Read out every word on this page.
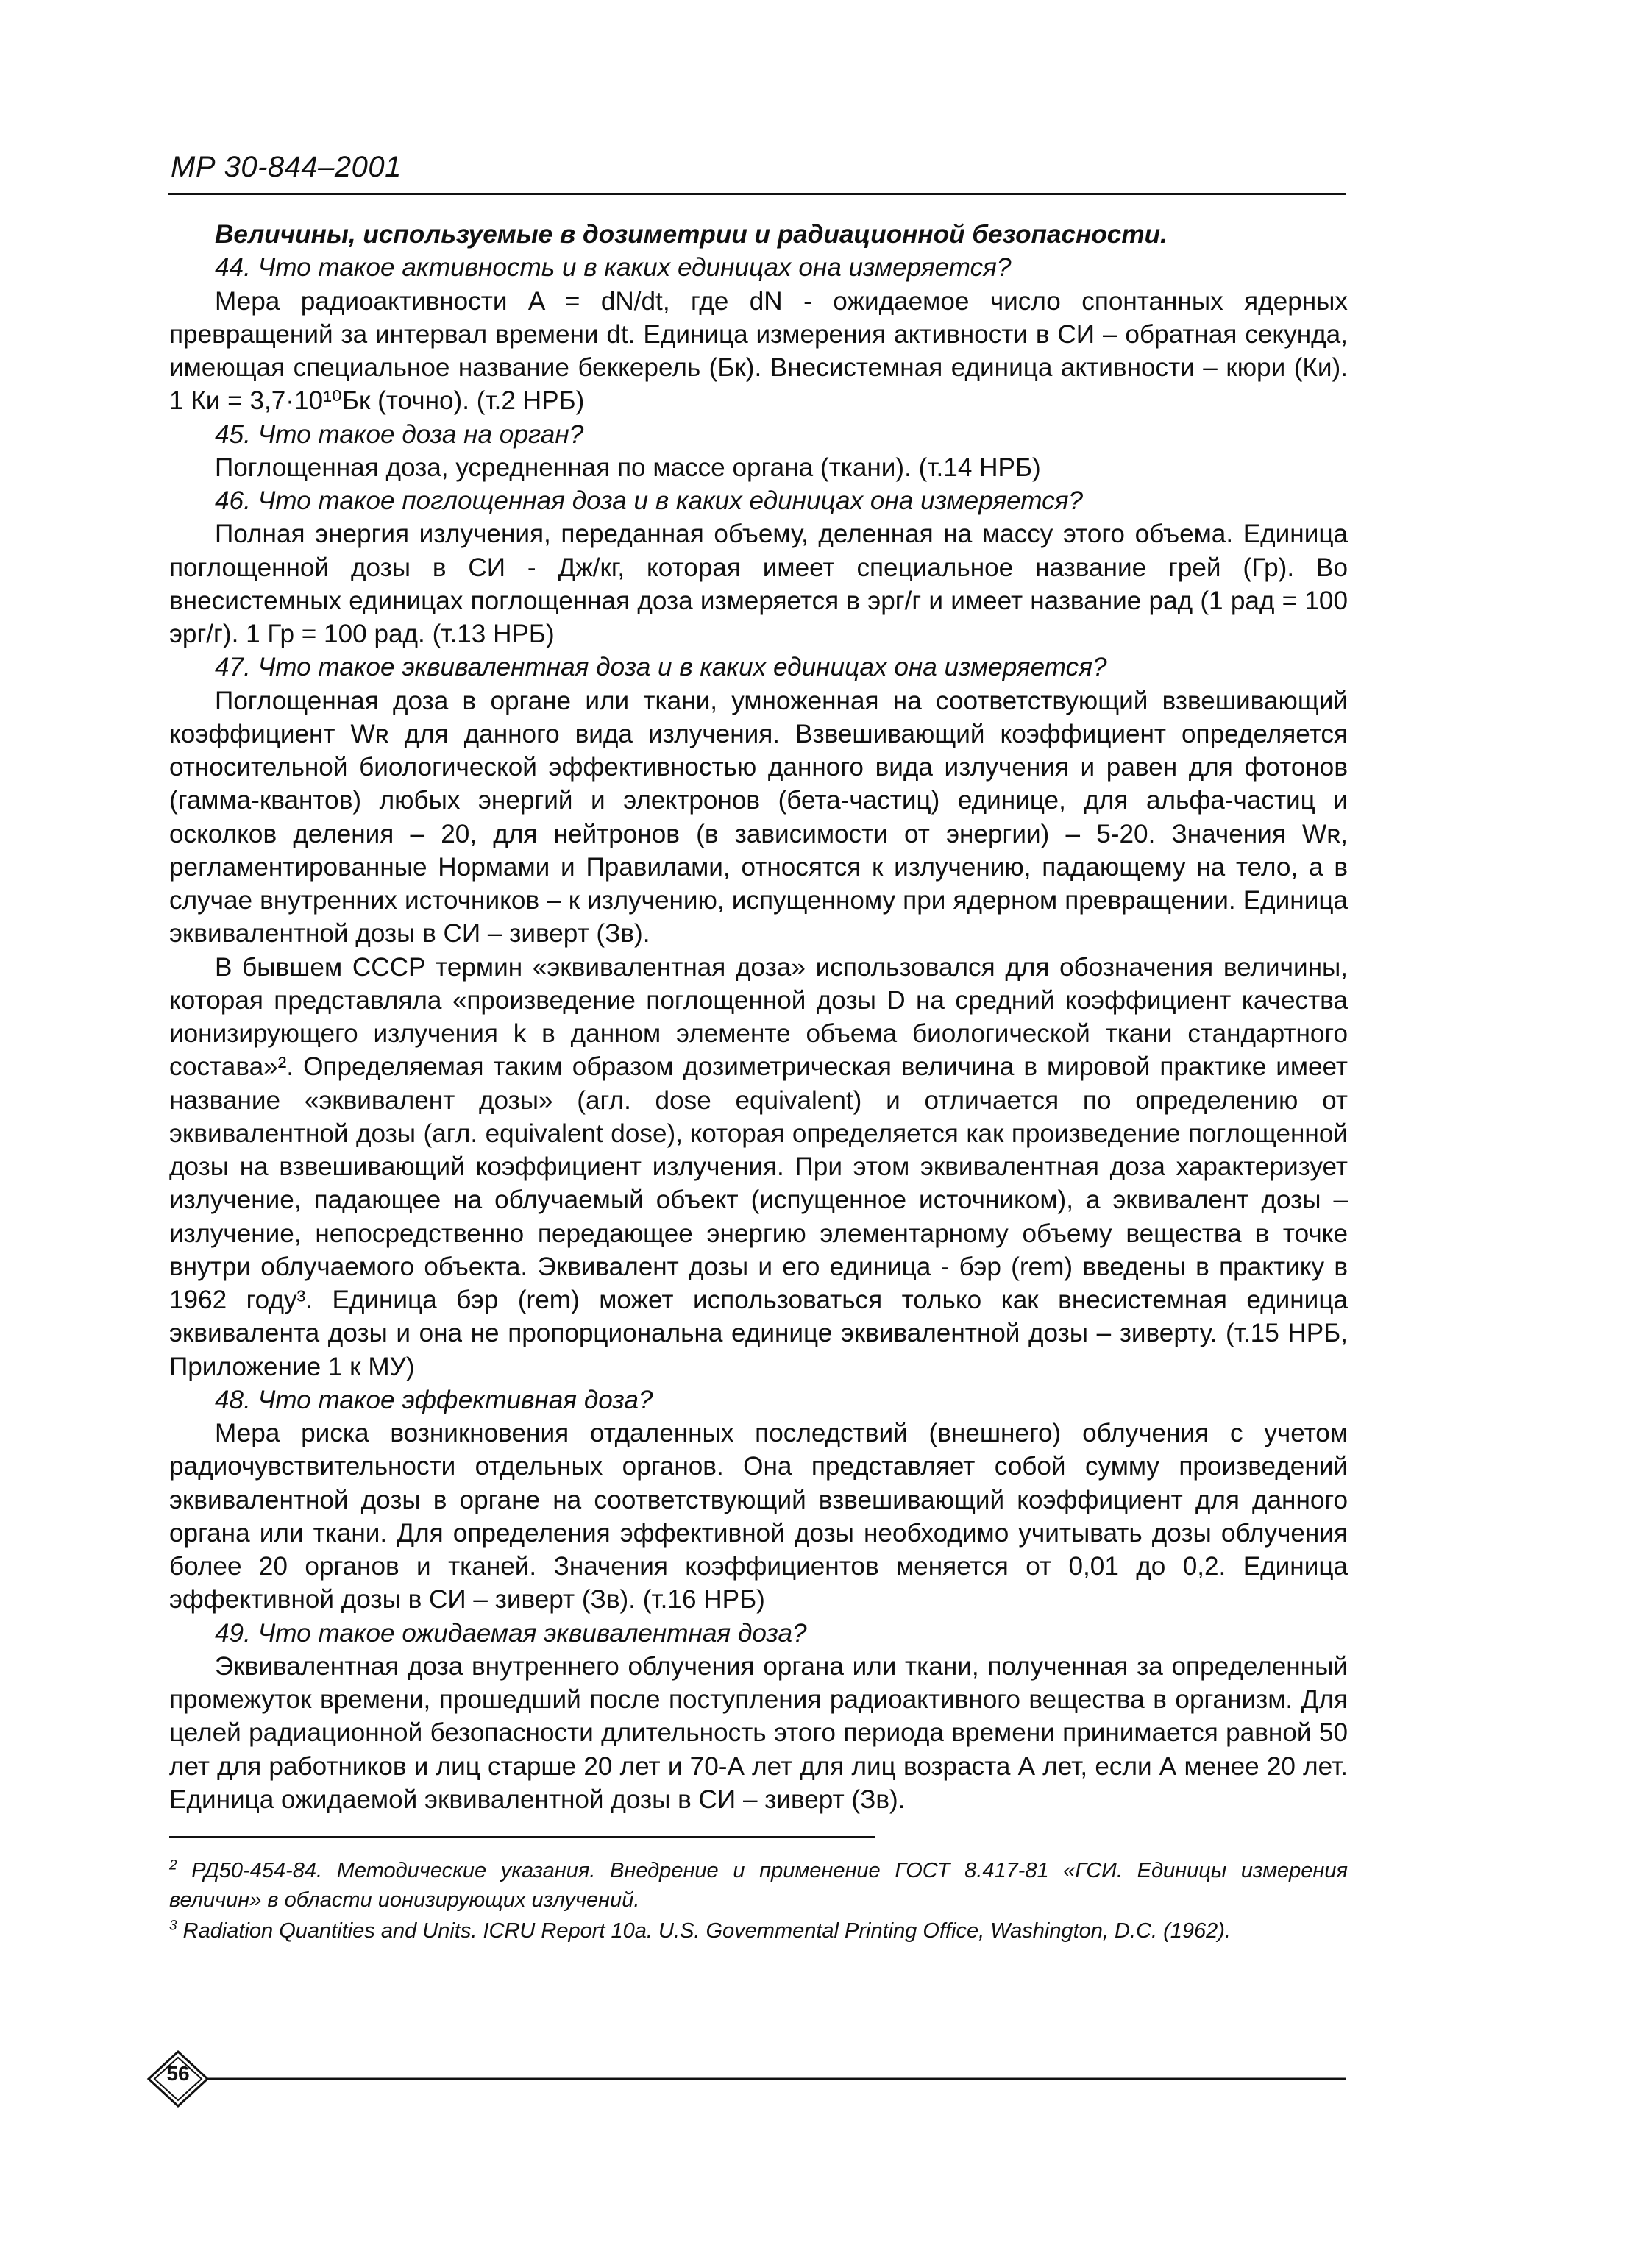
МР 30-844–2001

Величины, используемые в дозиметрии и радиационной безопасности.

44. Что такое активность и в каких единицах она измеряется?

Мера радиоактивности A = dN/dt, где dN - ожидаемое число спонтанных ядерных превращений за интервал времени dt. Единица измерения активности в СИ – обратная секунда, имеющая специальное название беккерель (Бк). Внесистемная единица активности – кюри (Ки). 1 Ки = 3,7·10¹⁰Бк (точно). (т.2 НРБ)

45. Что такое доза на орган?

Поглощенная доза, усредненная по массе органа (ткани). (т.14 НРБ)

46. Что такое поглощенная доза и в каких единицах она измеряется?

Полная энергия излучения, переданная объему, деленная на массу этого объема. Единица поглощенной дозы в СИ - Дж/кг, которая имеет специальное название грей (Гр). Во внесистемных единицах поглощенная доза измеряется в эрг/г и имеет название рад (1 рад = 100 эрг/г). 1 Гр = 100 рад. (т.13 НРБ)

47. Что такое эквивалентная доза и в каких единицах она измеряется?

Поглощенная доза в органе или ткани, умноженная на соответствующий взвешивающий коэффициент Wʀ для данного вида излучения. Взвешивающий коэффициент определяется относительной биологической эффективностью данного вида излучения и равен для фотонов (гамма-квантов) любых энергий и электронов (бета-частиц) единице, для альфа-частиц и осколков деления – 20, для нейтронов (в зависимости от энергии) – 5-20. Значения Wʀ, регламентированные Нормами и Правилами, относятся к излучению, падающему на тело, а в случае внутренних источников – к излучению, испущенному при ядерном превращении. Единица эквивалентной дозы в СИ – зиверт (Зв).

В бывшем СССР термин «эквивалентная доза» использовался для обозначения величины, которая представляла «произведение поглощенной дозы D на средний коэффициент качества ионизирующего излучения k в данном элементе объема биологической ткани стандартного состава»². Определяемая таким образом дозиметрическая величина в мировой практике имеет название «эквивалент дозы» (агл. dose equivalent) и отличается по определению от эквивалентной дозы (агл. equivalent dose), которая определяется как произведение поглощенной дозы на взвешивающий коэффициент излучения. При этом эквивалентная доза характеризует излучение, падающее на облучаемый объект (испущенное источником), а эквивалент дозы – излучение, непосредственно передающее энергию элементарному объему вещества в точке внутри облучаемого объекта. Эквивалент дозы и его единица - бэр (rem) введены в практику в 1962 году³. Единица бэр (rem) может использоваться только как внесистемная единица эквивалента дозы и она не пропорциональна единице эквивалентной дозы – зиверту. (т.15 НРБ, Приложение 1 к МУ)

48. Что такое эффективная доза?

Мера риска возникновения отдаленных последствий (внешнего) облучения с учетом радиочувствительности отдельных органов. Она представляет собой сумму произведений эквивалентной дозы в органе на соответствующий взвешивающий коэффициент для данного органа или ткани. Для определения эффективной дозы необходимо учитывать дозы облучения более 20 органов и тканей. Значения коэффициентов меняется от 0,01 до 0,2. Единица эффективной дозы в СИ – зиверт (Зв). (т.16 НРБ)

49. Что такое ожидаемая эквивалентная доза?

Эквивалентная доза внутреннего облучения органа или ткани, полученная за определенный промежуток времени, прошедший после поступления радиоактивного вещества в организм. Для целей радиационной безопасности длительность этого периода времени принимается равной 50 лет для работников и лиц старше 20 лет и 70-А лет для лиц возраста А лет, если А менее 20 лет. Единица ожидаемой эквивалентной дозы в СИ – зиверт (Зв).

$^2$ РД50-454-84. Методические указания. Внедрение и применение ГОСТ 8.417-81 «ГСИ. Единицы измерения величин» в области ионизирующих излучений.

$^3$ Radiation Quantities and Units. ICRU Report 10a. U.S. Govemmental Printing Office, Washington, D.C. (1962).

56
